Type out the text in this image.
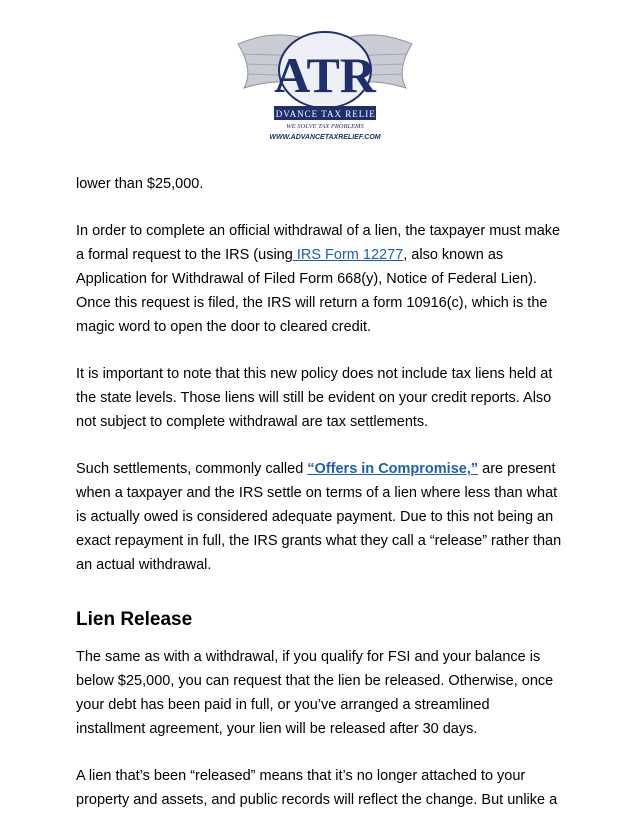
ATR
ADVANCE TAX RELIEF
WE SOLVE TAX PROBLEMS
WWW.ADVANCETAXRELIEF.COM

lower than $25,000.

In order to complete an official withdrawal of a lien, the taxpayer must make
a formal request to the IRS (using IRS Form 12277, also known as
Application for Withdrawal of Filed Form 668(y), Notice of Federal Lien).
Once this request is filed, the IRS will return a form 10916(c), which is the
magic word to open the door to cleared credit.

It is important to note that this new policy does not include tax liens held at
the state levels. Those liens will still be evident on your credit reports. Also
not subject to complete withdrawal are tax settlements.

Such settlements, commonly called “Offers in Compromise,” are present
when a taxpayer and the IRS settle on terms of a lien where less than what
is actually owed is considered adequate payment. Due to this not being an
exact repayment in full, the IRS grants what they call a “release” rather than
an actual withdrawal.

Lien Release

The same as with a withdrawal, if you qualify for FSI and your balance is
below $25,000, you can request that the lien be released. Otherwise, once
your debt has been paid in full, or you’ve arranged a streamlined
installment agreement, your lien will be released after 30 days.

A lien that’s been “released” means that it’s no longer attached to your
property and assets, and public records will reflect the change. But unlike a
